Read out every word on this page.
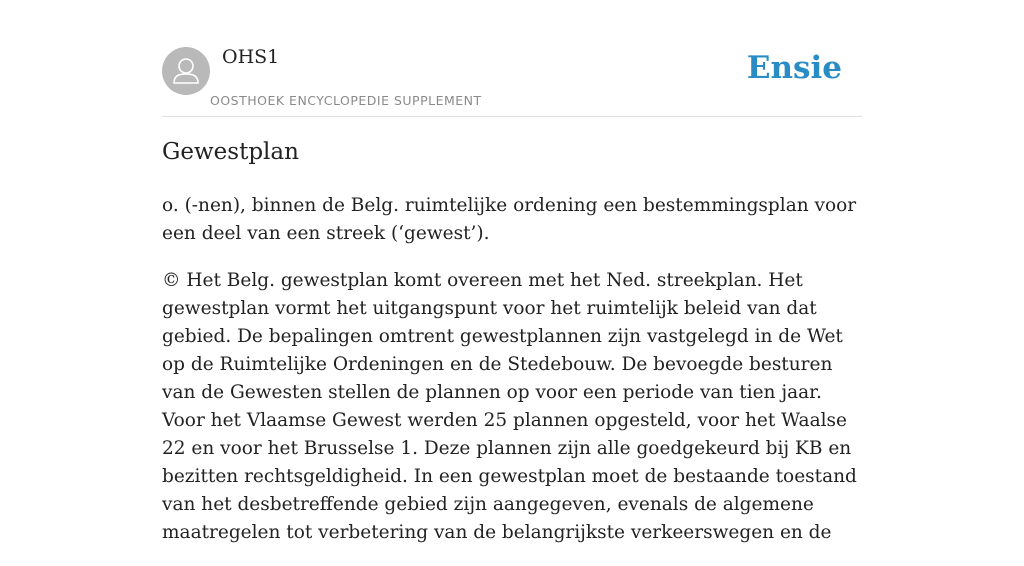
OHS1
OOSTHOEK ENCYCLOPEDIE SUPPLEMENT
Ensie
Gewestplan

o. (-nen), binnen de Belg. ruimtelijke ordening een bestemmingsplan voor een deel van een streek (‘gewest’).

© Het Belg. gewestplan komt overeen met het Ned. streekplan. Het gewestplan vormt het uitgangspunt voor het ruimtelijk beleid van dat gebied. De bepalingen omtrent gewestplannen zijn vastgelegd in de Wet op de Ruimtelijke Ordeningen en de Stedebouw. De bevoegde besturen van de Gewesten stellen de plannen op voor een periode van tien jaar. Voor het Vlaamse Gewest werden 25 plannen opgesteld, voor het Waalse 22 en voor het Brusselse 1. Deze plannen zijn alle goedgekeurd bij KB en bezitten rechtsgeldigheid. In een gewestplan moet de bestaande toestand van het desbetreffende gebied zijn aangegeven, evenals de algemene maatregelen tot verbetering van de belangrijkste verkeerswegen en de
